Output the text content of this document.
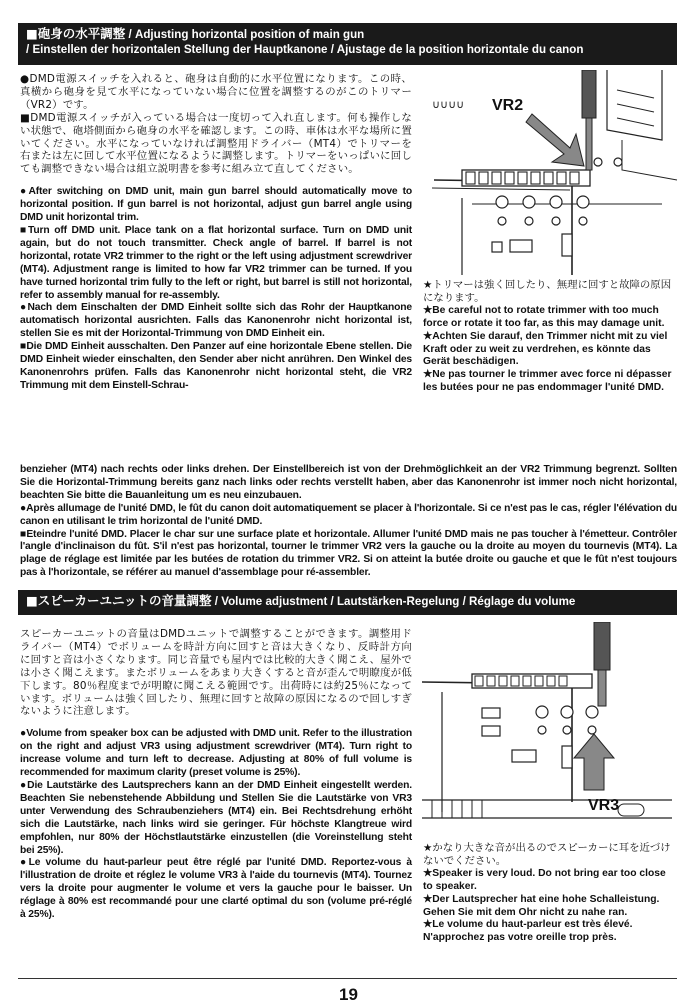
■砲身の水平調整 / Adjusting horizontal position of main gun
/ Einstellen der horizontalen Stellung der Hauptkanone / Ajustage de la position horizontale du canon

●DMD電源スイッチを入れると、砲身は自動的に水平位置になります。この時、真横から砲身を見て水平になっていない場合に位置を調整するのがこのトリマー（VR2）です。
■DMD電源スイッチが入っている場合は一度切って入れ直します。何も操作しない状態で、砲塔側面から砲身の水平を確認します。この時、車体は水平な場所に置いてください。水平になっていなければ調整用ドライバー（MT4）でトリマーを右または左に回して水平位置になるように調整します。トリマーをいっぱいに回しても調整できない場合は組立説明書を参考に組み立て直してください。

●After switching on DMD unit, main gun barrel should automatically move to horizontal position. If gun barrel is not horizontal, adjust gun barrel angle using DMD unit horizontal trim.
■Turn off DMD unit. Place tank on a flat horizontal surface. Turn on DMD unit again, but do not touch transmitter. Check angle of barrel. If barrel is not horizontal, rotate VR2 trimmer to the right or the left using adjustment screwdriver (MT4). Adjustment range is limited to how far VR2 trimmer can be turned. If you have turned horizontal trim fully to the left or right, but barrel is still not horizontal, refer to assembly manual for re-assembly.

●Nach dem Einschalten der DMD Einheit sollte sich das Rohr der Hauptkanone automatisch horizontal ausrichten. Falls das Kanonenrohr nicht horizontal ist, stellen Sie es mit der Horizontal-Trimmung von DMD Einheit ein.
■Die DMD Einheit ausschalten. Den Panzer auf eine horizontale Ebene stellen. Die DMD Einheit wieder einschalten, den Sender aber nicht anrühren. Den Winkel des Kanonenrohrs prüfen. Falls das Kanonenrohr nicht horizontal steht, die VR2 Trimmung mit dem Einstell-Schrau-

benzieher (MT4) nach rechts oder links drehen. Der Einstellbereich ist von der Drehmöglichkeit an der VR2 Trimmung begrenzt. Sollten Sie die Horizontal-Trimmung bereits ganz nach links oder rechts verstellt haben, aber das Kanonenrohr ist immer noch nicht horizontal, beachten Sie bitte die Bauanleitung um es neu einzubauen.

●Après allumage de l'unité DMD, le fût du canon doit automatiquement se placer à l'horizontale. Si ce n'est pas le cas, régler l'élévation du canon en utilisant le trim horizontal de l'unité DMD.
■Eteindre l'unité DMD. Placer le char sur une surface plate et horizontale. Allumer l'unité DMD mais ne pas toucher à l'émetteur. Contrôler l'angle d'inclinaison du fût. S'il n'est pas horizontal, tourner le trimmer VR2 vers la gauche ou la droite au moyen du tournevis (MT4). La plage de réglage est limitée par les butées de rotation du trimmer VR2. Si on atteint la butée droite ou gauche et que le fût n'est toujours pas à l'horizontale, se référer au manuel d'assemblage pour ré-assembler.

∪∪∪∪ VR2

★トリマーは強く回したり、無理に回すと故障の原因になります。

★Be careful not to rotate trimmer with too much force or rotate it too far, as this may damage unit.

★Achten Sie darauf, den Trimmer nicht mit zu viel Kraft oder zu weit zu verdrehen, es könnte das Gerät beschädigen.

★Ne pas tourner le trimmer avec force ni dépasser les butées pour ne pas endommager l'unité DMD.

■スピーカーユニットの音量調整 / Volume adjustment / Lautstärken-Regelung / Réglage du volume

スピーカーユニットの音量はDMDユニットで調整することができます。調整用ドライバー（MT4）でボリュームを時計方向に回すと音は大きくなり、反時計方向に回すと音は小さくなります。同じ音量でも屋内では比較的大きく聞こえ、屋外では小さく聞こえます。またボリュームをあまり大きくすると音が歪んで明瞭度が低下します。80％程度までが明瞭に聞こえる範囲です。出荷時には約25％になっています。ボリュームは強く回したり、無理に回すと故障の原因になるので回しすぎないように注意します。

●Volume from speaker box can be adjusted with DMD unit. Refer to the illustration on the right and adjust VR3 using adjustment screwdriver (MT4). Turn right to increase volume and turn left to decrease. Adjusting at 80% of full volume is recommended for maximum clarity (preset volume is 25%).

●Die Lautstärke des Lautsprechers kann an der DMD Einheit eingestellt werden. Beachten Sie nebenstehende Abbildung und Stellen Sie die Lautstärke von VR3 unter Verwendung des Schraubenziehers (MT4) ein. Bei Rechtsdrehung erhöht sich die Lautstärke, nach links wird sie geringer. Für höchste Klangtreue wird empfohlen, nur 80% der Höchstlautstärke einzustellen (die Voreinstellung steht bei 25%).

●Le volume du haut-parleur peut être réglé par l'unité DMD. Reportez-vous à l'illustration de droite et réglez le volume VR3 à l'aide du tournevis (MT4). Tournez vers la droite pour augmenter le volume et vers la gauche pour le baisser. Un réglage à 80% est recommandé pour une clarté optimal du son (volume pré-réglé à 25%).

VR3

★かなり大きな音が出るのでスピーカーに耳を近づけないでください。

★Speaker is very loud. Do not bring ear too close to speaker.

★Der Lautsprecher hat eine hohe Schalleistung. Gehen Sie mit dem Ohr nicht zu nahe ran.

★Le volume du haut-parleur est très élevé. N'approchez pas votre oreille trop près.

19
